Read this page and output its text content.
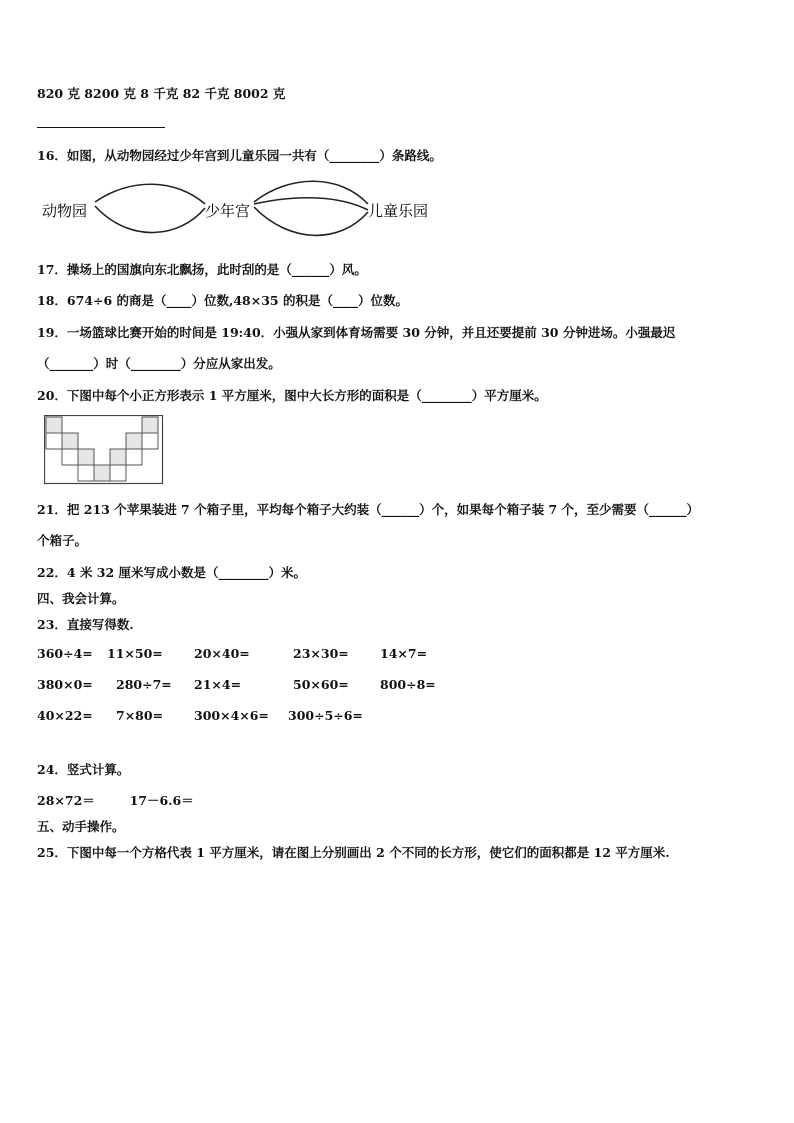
820 克 8200 克 8 千克 82 千克 8002 克
16．如图，从动物园经过少年宫到儿童乐园一共有（________）条路线。
动物园	少年宫	儿童乐园
17．操场上的国旗向东北飘扬，此时刮的是（______）风。
18．674÷6 的商是（____）位数,48×35 的积是（____）位数。
19．一场篮球比赛开始的时间是 19:40．小强从家到体育场需要 30 分钟，并且还要提前 30 分钟进场。小强最迟
（_______）时（________）分应从家出发。
20．下图中每个小正方形表示 1 平方厘米，图中大长方形的面积是（________）平方厘米。
21．把 213 个苹果装进 7 个箱子里，平均每个箱子大约装（______）个，如果每个箱子装 7 个，至少需要（______）
个箱子。
22．4 米 32 厘米写成小数是（________）米。
四、我会计算。
23．直接写得数.
360÷4= 11×50=	20×40=	23×30=	14×7=
380×0= 280÷7= 21×4=	50×60=	800÷8=
40×22= 7×80= 300×4×6= 300÷5÷6=
24．竖式计算。
28×72＝        17－6.6＝
五、动手操作。
25．下图中每一个方格代表 1 平方厘米，请在图上分别画出 2 个不同的长方形，使它们的面积都是 12 平方厘米.
